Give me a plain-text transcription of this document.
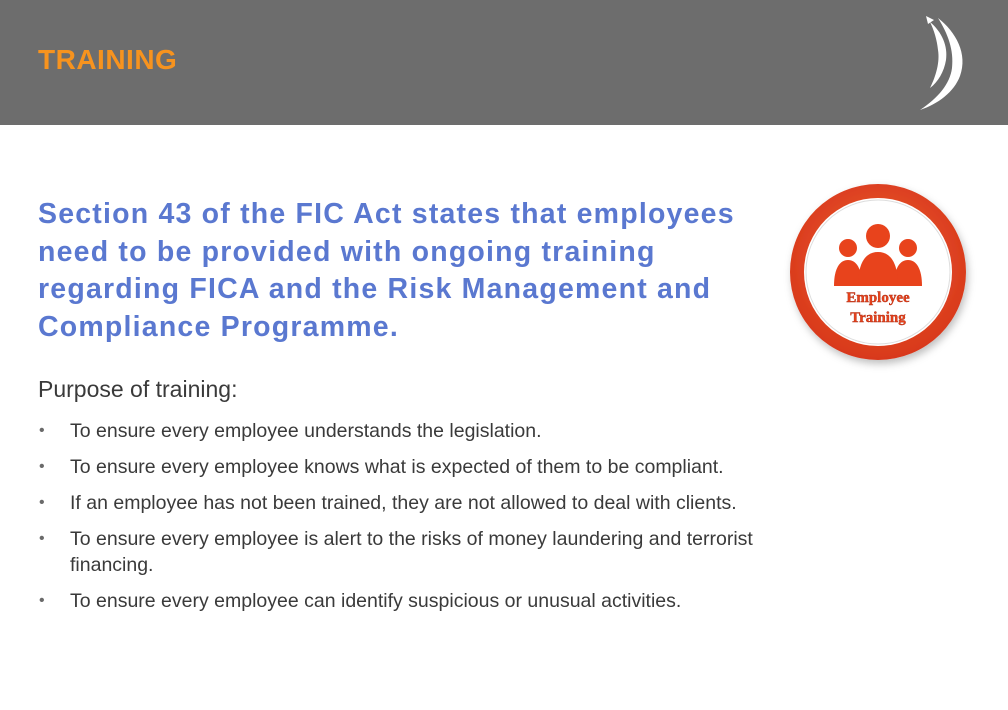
TRAINING
Section 43 of the FIC Act states that employees need to be provided with ongoing training regarding FICA and the Risk Management and Compliance Programme.
Employee
Training
Purpose of training:
• To ensure every employee understands the legislation.
• To ensure every employee knows what is expected of them to be compliant.
• If an employee has not been trained, they are not allowed to deal with clients.
• To ensure every employee is alert to the risks of money laundering and terrorist financing.
• To ensure every employee can identify suspicious or unusual activities.
